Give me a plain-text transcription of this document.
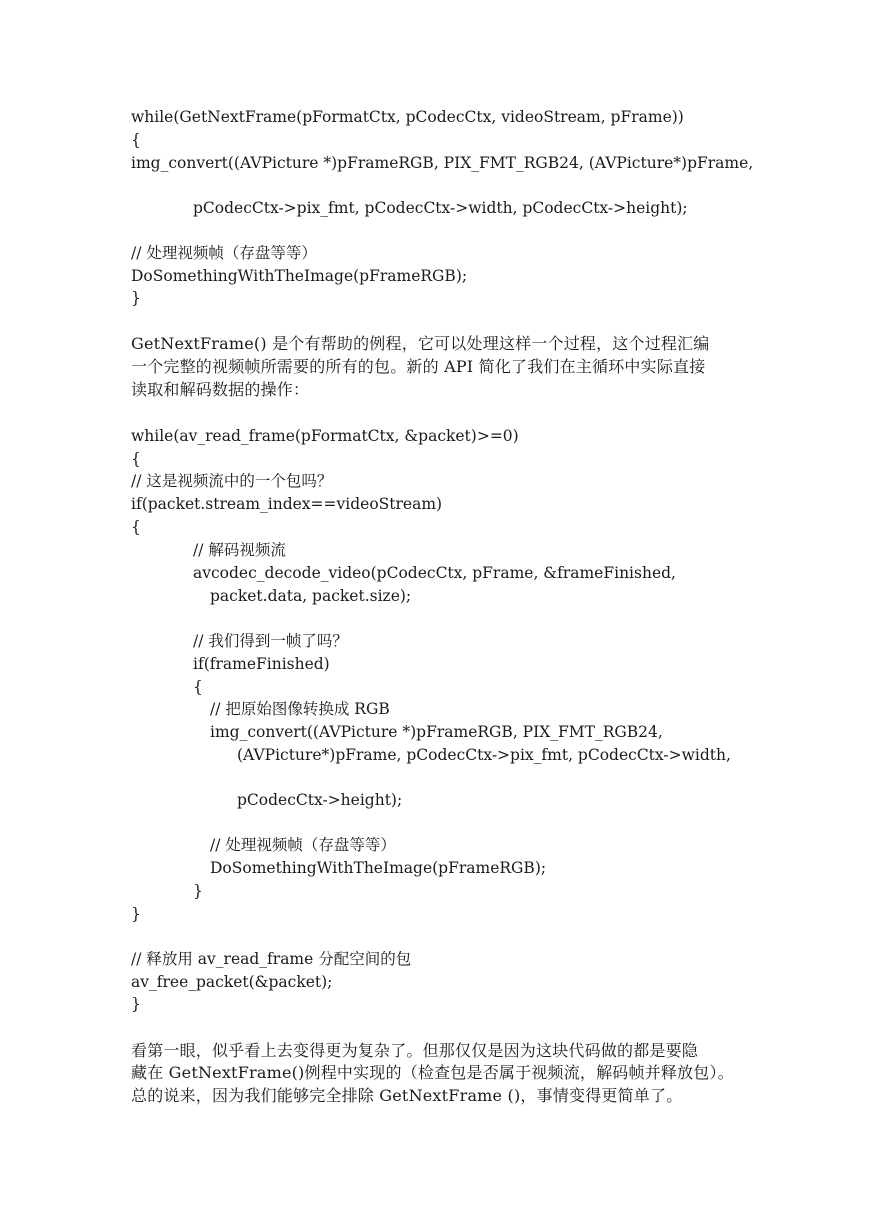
while(GetNextFrame(pFormatCtx, pCodecCtx, videoStream, pFrame))
{
img_convert((AVPicture *)pFrameRGB, PIX_FMT_RGB24, (AVPicture*)pFrame,
pCodecCtx->pix_fmt, pCodecCtx->width, pCodecCtx->height);
// 处理视频帧（存盘等等）
DoSomethingWithTheImage(pFrameRGB);
}
GetNextFrame() 是个有帮助的例程，它可以处理这样一个过程，这个过程汇编
一个完整的视频帧所需要的所有的包。新的 API 简化了我们在主循环中实际直接
读取和解码数据的操作：
while(av_read_frame(pFormatCtx, &packet)>=0)
{
// 这是视频流中的一个包吗？
if(packet.stream_index==videoStream)
{
// 解码视频流
avcodec_decode_video(pCodecCtx, pFrame, &frameFinished,
packet.data, packet.size);
// 我们得到一帧了吗？
if(frameFinished)
{
// 把原始图像转换成 RGB
img_convert((AVPicture *)pFrameRGB, PIX_FMT_RGB24,
(AVPicture*)pFrame, pCodecCtx->pix_fmt, pCodecCtx->width,
pCodecCtx->height);
// 处理视频帧（存盘等等）
DoSomethingWithTheImage(pFrameRGB);
}
}
// 释放用 av_read_frame 分配空间的包
av_free_packet(&packet);
}
看第一眼，似乎看上去变得更为复杂了。但那仅仅是因为这块代码做的都是要隐
藏在 GetNextFrame()例程中实现的（检查包是否属于视频流，解码帧并释放包）。
总的说来，因为我们能够完全排除 GetNextFrame ()，事情变得更简单了。
